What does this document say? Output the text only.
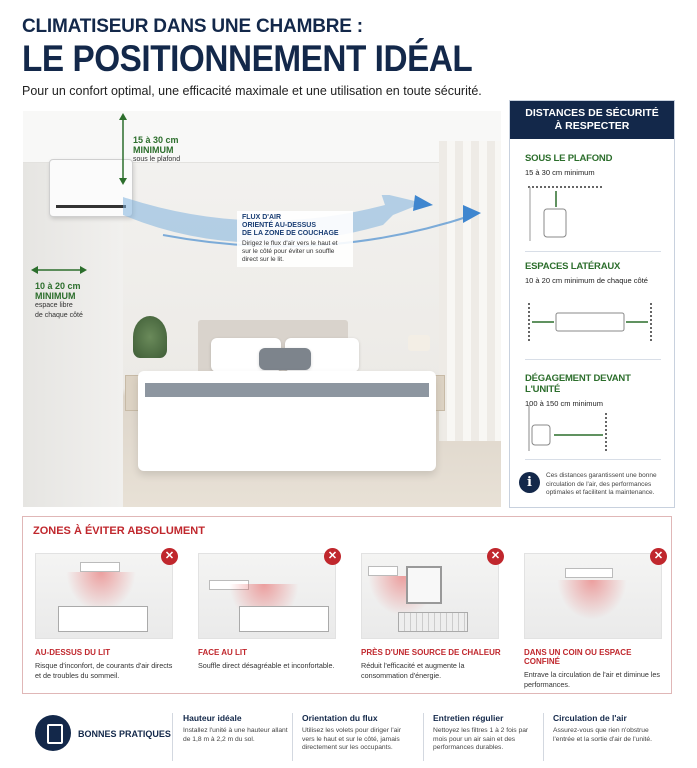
CLIMATISEUR DANS UNE CHAMBRE :
LE POSITIONNEMENT IDÉAL
Pour un confort optimal, une efficacité maximale et une utilisation en toute sécurité.
FLUX D'AIR
ORIENTÉ AU-DESSUS
DE LA ZONE DE COUCHAGE
Dirigez le flux d'air vers le haut et sur le côté pour éviter un souffle direct sur le lit.
15 à 30 cm
MINIMUM
sous le plafond
10 à 20 cm
MINIMUM
espace libre
de chaque côté
DISTANCES DE SÉCURITÉ
À RESPECTER
SOUS LE PLAFOND
15 à 30 cm minimum
ESPACES LATÉRAUX
10 à 20 cm minimum de chaque côté
DÉGAGEMENT DEVANT L'UNITÉ
100 à 150 cm minimum
i	Ces distances garantissent une bonne circulation de l'air, des performances optimales et facilitent la maintenance.
ZONES À ÉVITER ABSOLUMENT
✕
AU-DESSUS DU LIT
Risque d'inconfort, de courants d'air directs et de troubles du sommeil.
✕
FACE AU LIT
Souffle direct désagréable et inconfortable.
✕
PRÈS D'UNE SOURCE DE CHALEUR
Réduit l'efficacité et augmente la consommation d'énergie.
✕
DANS UN COIN OU ESPACE CONFINÉ
Entrave la circulation de l'air et diminue les performances.
BONNES PRATIQUES
Hauteur idéale
Installez l'unité à une hauteur allant de 1,8 m à 2,2 m du sol.
Orientation du flux
Utilisez les volets pour diriger l'air vers le haut et sur le côté, jamais directement sur les occupants.
Entretien régulier
Nettoyez les filtres 1 à 2 fois par mois pour un air sain et des performances durables.
Circulation de l'air
Assurez-vous que rien n'obstrue l'entrée et la sortie d'air de l'unité.
